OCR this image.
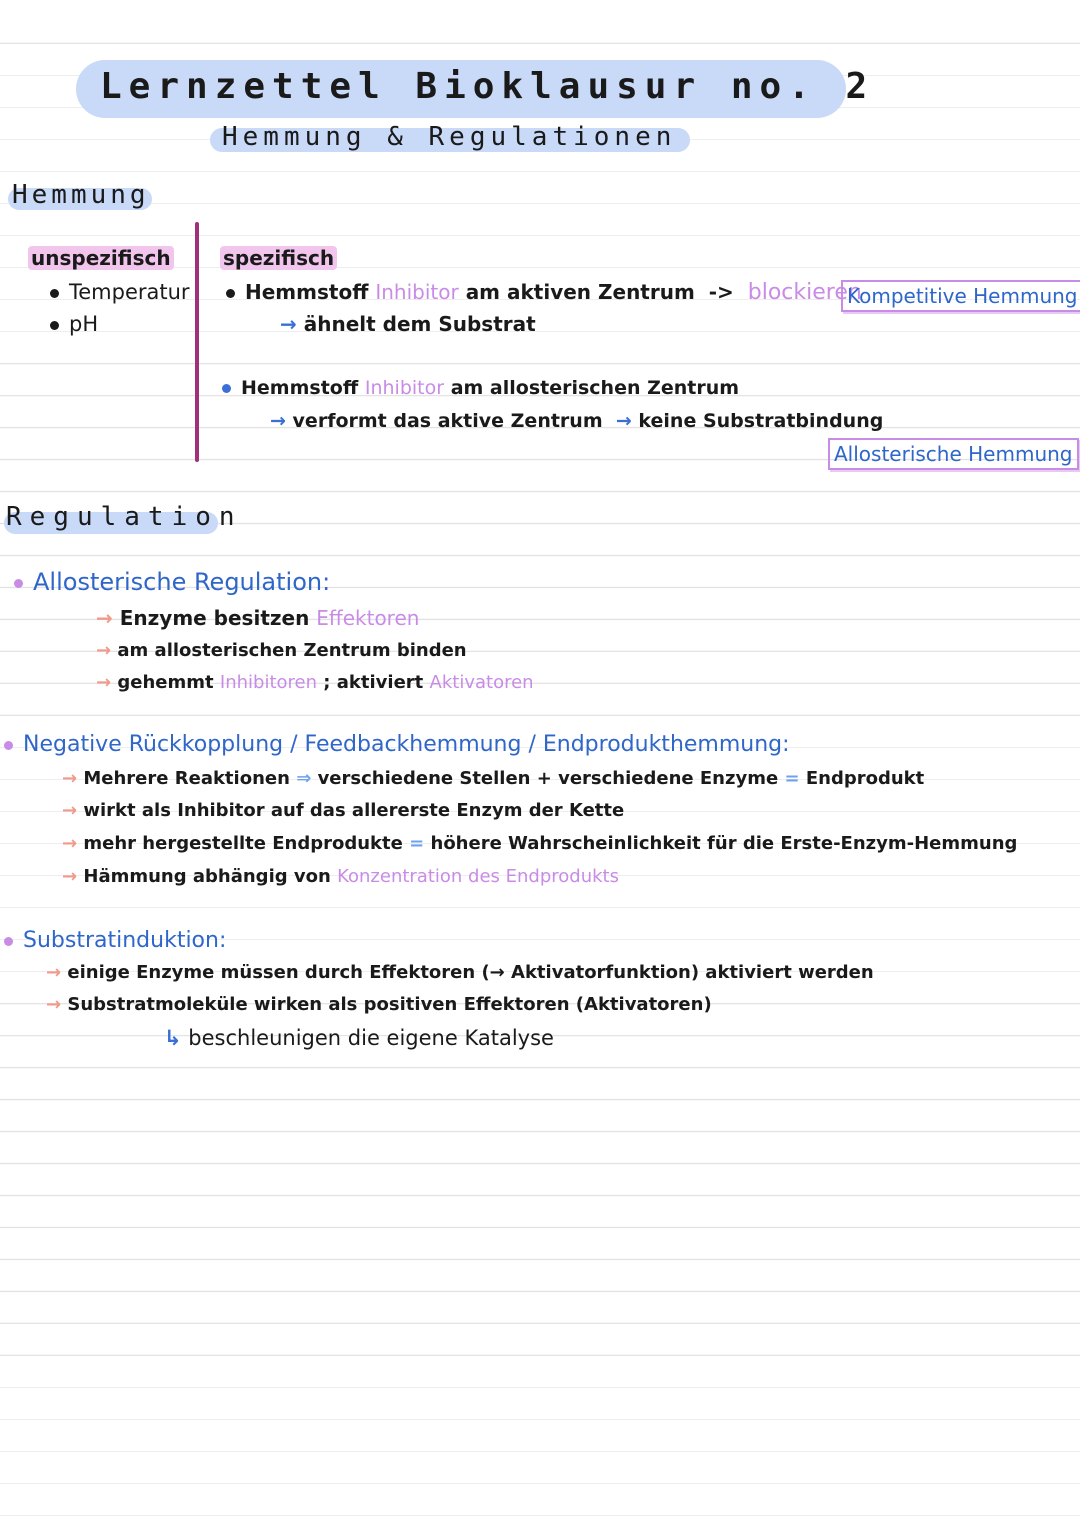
Lernzettel Bioklausur no. 2
Hemmung & Regulationen
Hemmung
unspezifisch
Temperatur
pH
spezifisch
Hemmstoff Inhibitor am aktiven Zentrum -> blockieren
→ ähnelt dem Substrat
Kompetitive Hemmung
Hemmstoff Inhibitor am allosterischen Zentrum
→ verformt das aktive Zentrum → keine Substratbindung
Allosterische Hemmung
Regulation
Allosterische Regulation:
→ Enzyme besitzen Effektoren
→ am allosterischen Zentrum binden
→ gehemmt Inhibitoren ; aktiviert Aktivatoren
Negative Rückkopplung / Feedbackhemmung / Endprodukthemmung:
→ Mehrere Reaktionen ⇒ verschiedene Stellen + verschiedene Enzyme = Endprodukt
→ wirkt als Inhibitor auf das allererste Enzym der Kette
→ mehr hergestellte Endprodukte = höhere Wahrscheinlichkeit für die Erste-Enzym-Hemmung
→ Hämmung abhängig von Konzentration des Endprodukts
Substratinduktion:
→ einige Enzyme müssen durch Effektoren (→ Aktivatorfunktion) aktiviert werden
→ Substratmoleküle wirken als positiven Effektoren (Aktivatoren)
↳ beschleunigen die eigene Katalyse
